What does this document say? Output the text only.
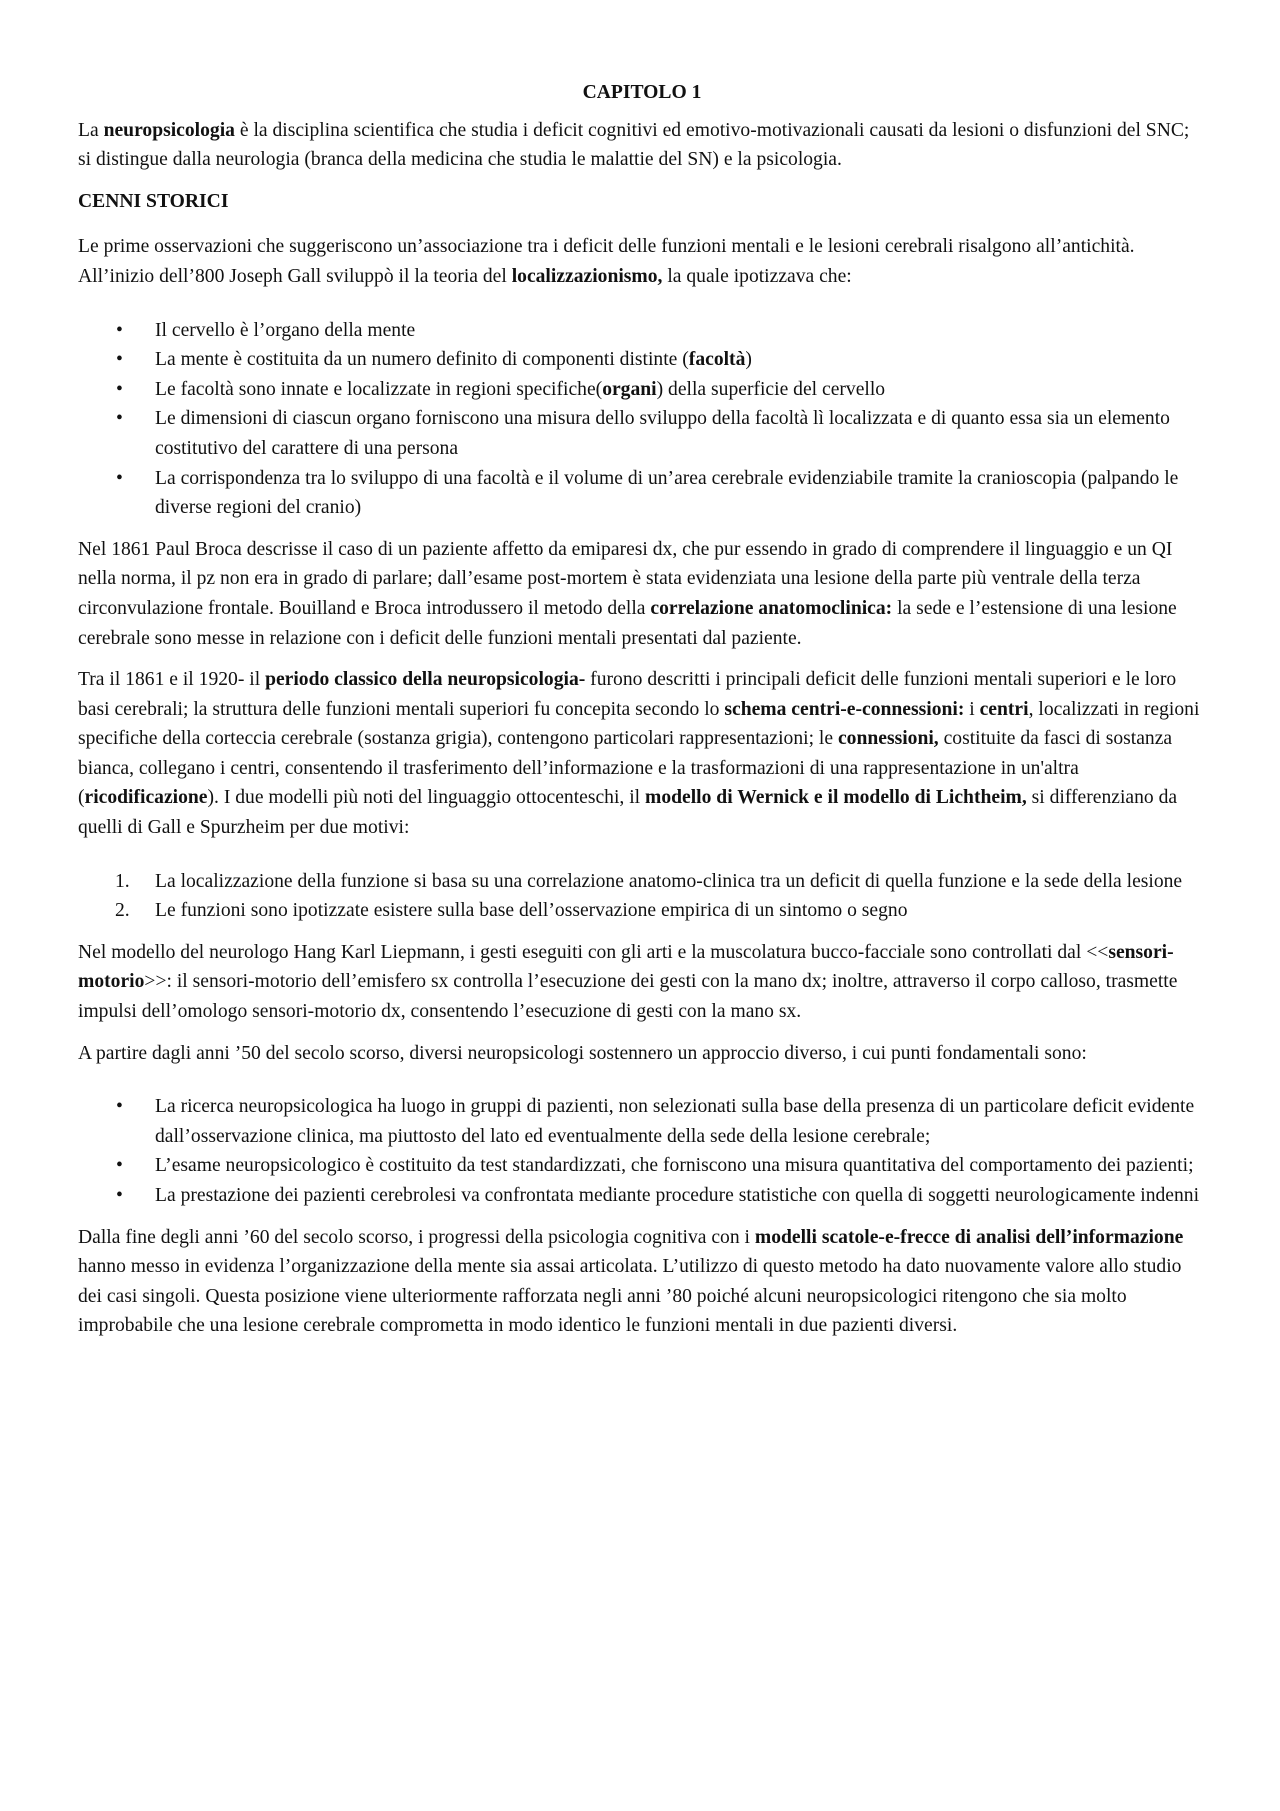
CAPITOLO 1

La neuropsicologia è la disciplina scientifica che studia i deficit cognitivi ed emotivo-motivazionali causati da lesioni o disfunzioni del SNC; si distingue dalla neurologia (branca della medicina che studia le malattie del SN) e la psicologia.

CENNI STORICI

Le prime osservazioni che suggeriscono un’associazione tra i deficit delle funzioni mentali e le lesioni cerebrali risalgono all’antichità. All’inizio dell’800 Joseph Gall sviluppò il la teoria del localizzazionismo, la quale ipotizzava che:

•	Il cervello è l’organo della mente
•	La mente è costituita da un numero definito di componenti distinte (facoltà)
•	Le facoltà sono innate e localizzate in regioni specifiche(organi) della superficie del cervello
•	Le dimensioni di ciascun organo forniscono una misura dello sviluppo della facoltà lì localizzata e di quanto essa sia un elemento costitutivo del carattere di una persona
•	La corrispondenza tra lo sviluppo di una facoltà e il volume di un’area cerebrale evidenziabile tramite la cranioscopia (palpando le diverse regioni del cranio)

Nel 1861 Paul Broca descrisse il caso di un paziente affetto da emiparesi dx, che pur essendo in grado di comprendere il linguaggio e un QI nella norma, il pz non era in grado di parlare; dall’esame post-mortem è stata evidenziata una lesione della parte più ventrale della terza circonvulazione frontale. Bouilland e Broca introdussero il metodo della correlazione anatomoclinica: la sede e l’estensione di una lesione cerebrale sono messe in relazione con i deficit delle funzioni mentali presentati dal paziente.

Tra il 1861 e il 1920- il periodo classico della neuropsicologia- furono descritti i principali deficit delle funzioni mentali superiori e le loro basi cerebrali; la struttura delle funzioni mentali superiori fu concepita secondo lo schema centri-e-connessioni: i centri, localizzati in regioni specifiche della corteccia cerebrale (sostanza grigia), contengono particolari rappresentazioni; le connessioni, costituite da fasci di sostanza bianca, collegano i centri, consentendo il trasferimento dell’informazione e la trasformazioni di una rappresentazione in un'altra (ricodificazione). I due modelli più noti del linguaggio ottocenteschi, il modello di Wernick e il modello di Lichtheim, si differenziano da quelli di Gall e Spurzheim per due motivi:

1. La localizzazione della funzione si basa su una correlazione anatomo-clinica tra un deficit di quella funzione e la sede della lesione
2. Le funzioni sono ipotizzate esistere sulla base dell’osservazione empirica di un sintomo o segno

Nel modello del neurologo Hang Karl Liepmann, i gesti eseguiti con gli arti e la muscolatura bucco-facciale sono controllati dal <<sensori-motorio>>: il sensori-motorio dell’emisfero sx controlla l’esecuzione dei gesti con la mano dx; inoltre, attraverso il corpo calloso, trasmette impulsi dell’omologo sensori-motorio dx, consentendo l’esecuzione di gesti con la mano sx.

A partire dagli anni ’50 del secolo scorso, diversi neuropsicologi sostennero un approccio diverso, i cui punti fondamentali sono:

•	La ricerca neuropsicologica ha luogo in gruppi di pazienti, non selezionati sulla base della presenza di un particolare deficit evidente dall’osservazione clinica, ma piuttosto del lato ed eventualmente della sede della lesione cerebrale;
•	L’esame neuropsicologico è costituito da test standardizzati, che forniscono una misura quantitativa del comportamento dei pazienti;
•	La prestazione dei pazienti cerebrolesi va confrontata mediante procedure statistiche con quella di soggetti neurologicamente indenni

Dalla fine degli anni ’60 del secolo scorso, i progressi della psicologia cognitiva con i modelli scatole-e-frecce di analisi dell’informazione hanno messo in evidenza l’organizzazione della mente sia assai articolata. L’utilizzo di questo metodo ha dato nuovamente valore allo studio dei casi singoli. Questa posizione viene ulteriormente rafforzata negli anni ’80 poiché alcuni neuropsicologici ritengono che sia molto improbabile che una lesione cerebrale comprometta in modo identico le funzioni mentali in due pazienti diversi.
